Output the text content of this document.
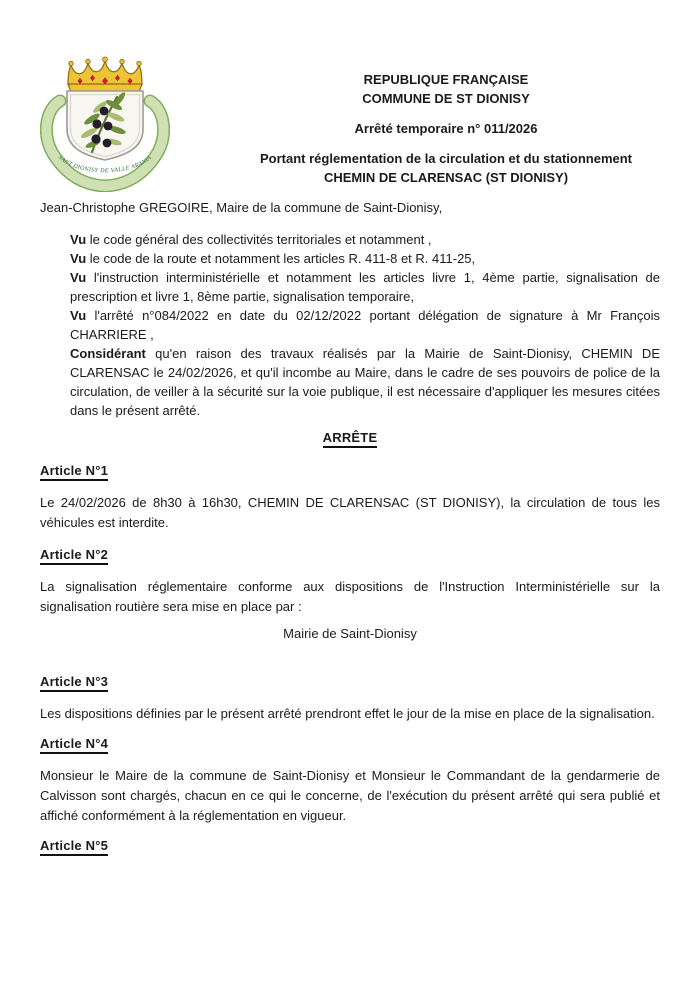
SANT DIONISY DE VALLE ARANIA

REPUBLIQUE FRANÇAISE

COMMUNE DE ST DIONISY

Arrêté temporaire n° 011/2026

Portant réglementation de la circulation et du stationnement

CHEMIN DE CLARENSAC (ST DIONISY)

Jean-Christophe GREGOIRE, Maire de la commune de Saint-Dionisy,

Vu le code général des collectivités territoriales et notamment ,

Vu le code de la route et notamment les articles R. 411-8 et R. 411-25,

Vu l'instruction interministérielle et notamment les articles livre 1, 4ème partie, signalisation de prescription et livre 1, 8ème partie, signalisation temporaire,

Vu l'arrêté n°084/2022 en date du 02/12/2022 portant délégation de signature à Mr François CHARRIERE ,

Considérant qu'en raison des travaux réalisés par la Mairie de Saint-Dionisy, CHEMIN DE CLARENSAC le 24/02/2026, et qu'il incombe au Maire, dans le cadre de ses pouvoirs de police de la circulation, de veiller à la sécurité sur la voie publique, il est nécessaire d'appliquer les mesures citées dans le présent arrêté.

ARRÊTE

Article N°1

Le 24/02/2026 de 8h30 à 16h30, CHEMIN DE CLARENSAC (ST DIONISY), la circulation de tous les véhicules est interdite.

Article N°2

La signalisation réglementaire conforme aux dispositions de l'Instruction Interministérielle sur la signalisation routière sera mise en place par :

Mairie de Saint-Dionisy

Article N°3

Les dispositions définies par le présent arrêté prendront effet le jour de la mise en place de la signalisation.

Article N°4

Monsieur le Maire de la commune de Saint-Dionisy et Monsieur le Commandant de la gendarmerie de Calvisson sont chargés, chacun en ce qui le concerne, de l'exécution du présent arrêté qui sera publié et affiché conformément à la réglementation en vigueur.

Article N°5
